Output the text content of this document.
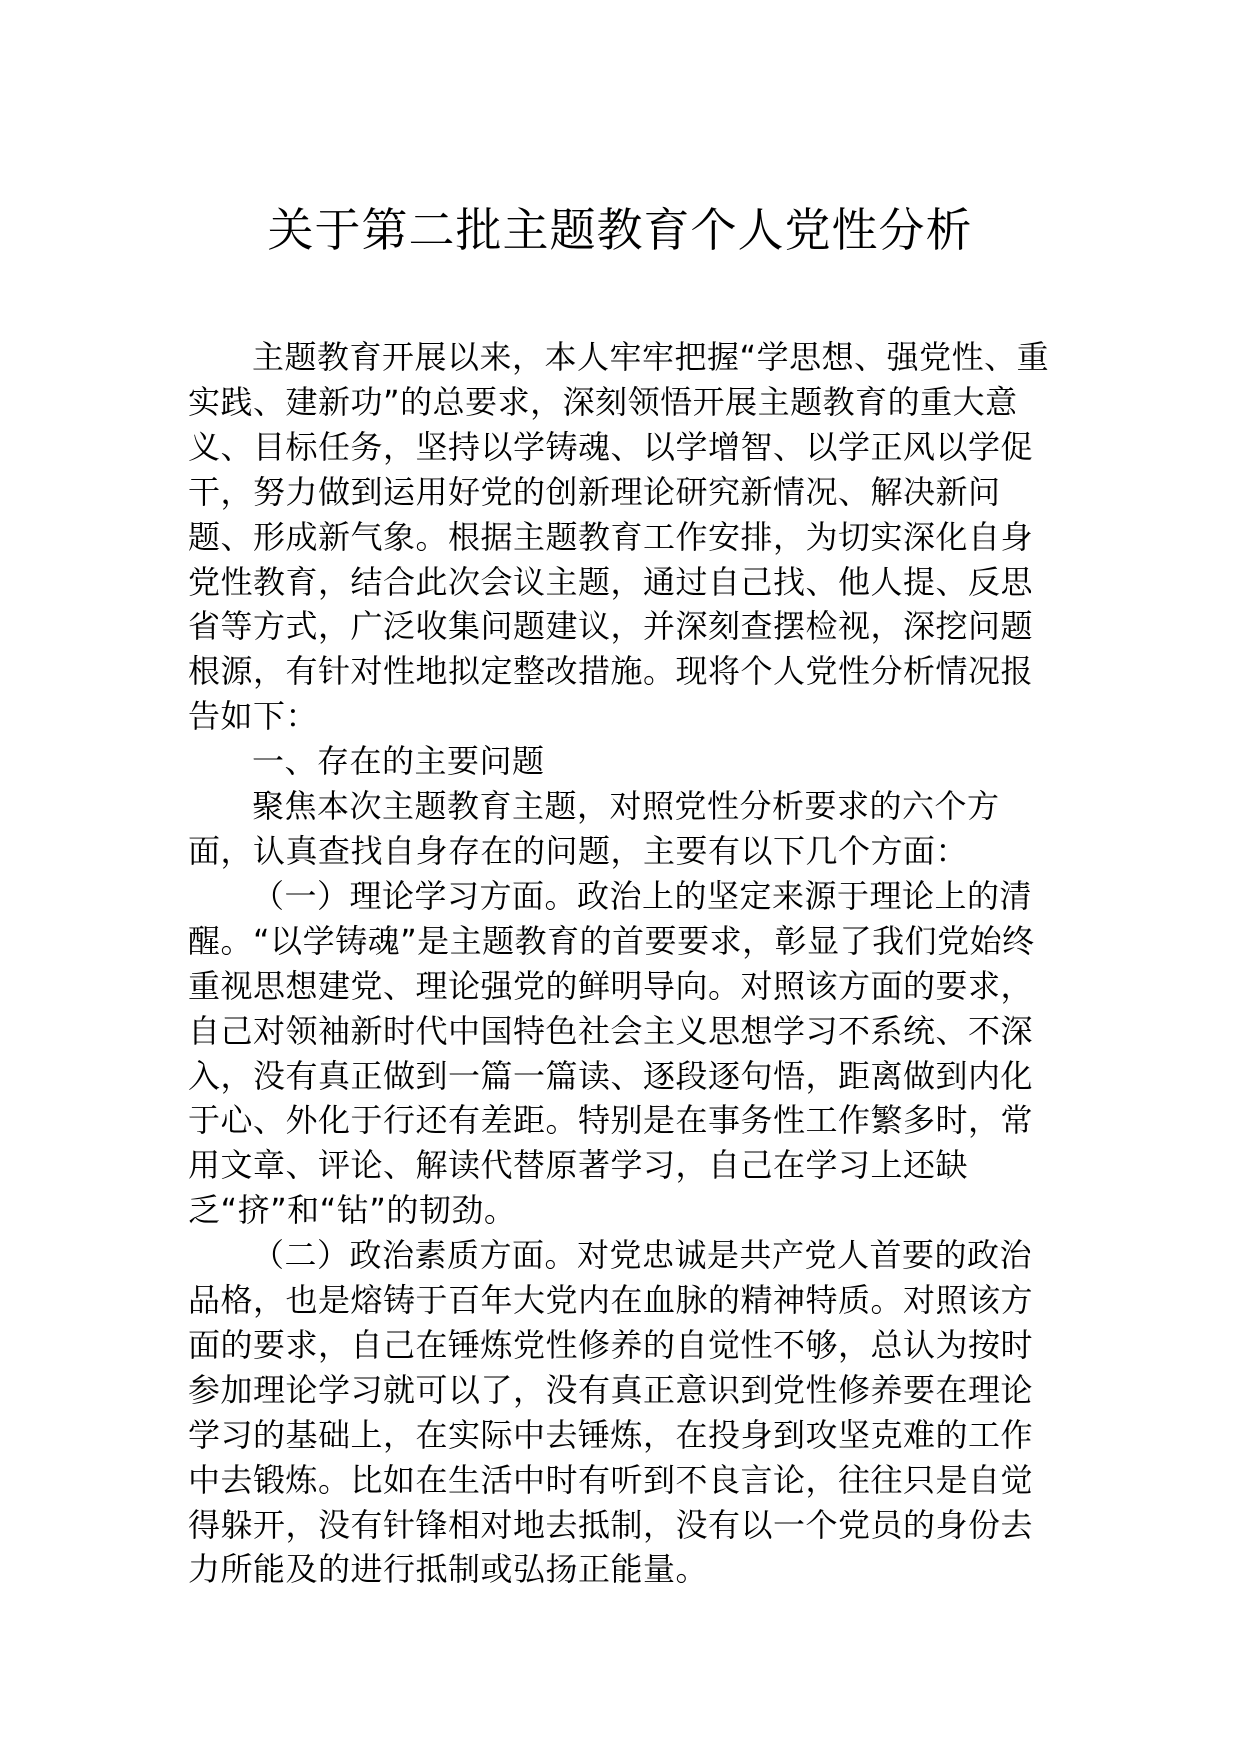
关于第二批主题教育个人党性分析

主题教育开展以来，本人牢牢把握“学思想、强党性、重实践、建新功”的总要求，深刻领悟开展主题教育的重大意义、目标任务，坚持以学铸魂、以学增智、以学正风以学促干，努力做到运用好党的创新理论研究新情况、解决新问题、形成新气象。根据主题教育工作安排，为切实深化自身党性教育，结合此次会议主题，通过自己找、他人提、反思省等方式，广泛收集问题建议，并深刻查摆检视，深挖问题根源，有针对性地拟定整改措施。现将个人党性分析情况报告如下：

一、存在的主要问题

聚焦本次主题教育主题，对照党性分析要求的六个方面，认真查找自身存在的问题，主要有以下几个方面：

（一）理论学习方面。政治上的坚定来源于理论上的清醒。“以学铸魂”是主题教育的首要要求，彰显了我们党始终重视思想建党、理论强党的鲜明导向。对照该方面的要求，自己对领袖新时代中国特色社会主义思想学习不系统、不深入，没有真正做到一篇一篇读、逐段逐句悟，距离做到内化于心、外化于行还有差距。特别是在事务性工作繁多时，常用文章、评论、解读代替原著学习，自己在学习上还缺乏“挤”和“钻”的韧劲。

（二）政治素质方面。对党忠诚是共产党人首要的政治品格，也是熔铸于百年大党内在血脉的精神特质。对照该方面的要求，自己在锤炼党性修养的自觉性不够，总认为按时参加理论学习就可以了，没有真正意识到党性修养要在理论学习的基础上，在实际中去锤炼，在投身到攻坚克难的工作中去锻炼。比如在生活中时有听到不良言论，往往只是自觉得躲开，没有针锋相对地去抵制，没有以一个党员的身份去力所能及的进行抵制或弘扬正能量。
